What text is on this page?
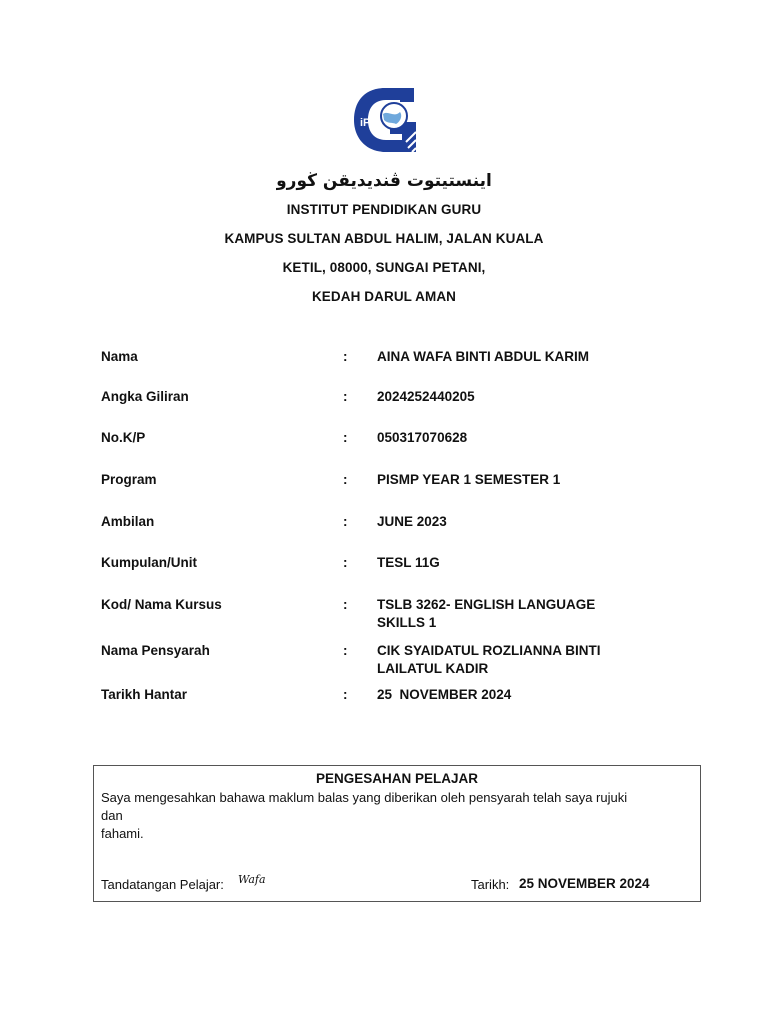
iPG
اينستيتوت ڤنديديقن ڬورو
INSTITUT PENDIDIKAN GURU
KAMPUS SULTAN ABDUL HALIM, JALAN KUALA
KETIL, 08000, SUNGAI PETANI,
KEDAH DARUL AMAN
Nama	: AINA WAFA BINTI ABDUL KARIM
Angka Giliran	: 2024252440205
No.K/P	: 050317070628
Program	: PISMP YEAR 1 SEMESTER 1
Ambilan	: JUNE 2023
Kumpulan/Unit	: TESL 11G
Kod/ Nama Kursus	: TSLB 3262- ENGLISH LANGUAGE
SKILLS 1
Nama Pensyarah	: CIK SYAIDATUL ROZLIANNA BINTI
LAILATUL KADIR
Tarikh Hantar	: 25  NOVEMBER 2024
PENGESAHAN PELAJAR
Saya mengesahkan bahawa maklum balas yang diberikan oleh pensyarah telah saya rujuki
dan
fahami.
Tandatangan Pelajar: Wafa	Tarikh: 25 NOVEMBER 2024
